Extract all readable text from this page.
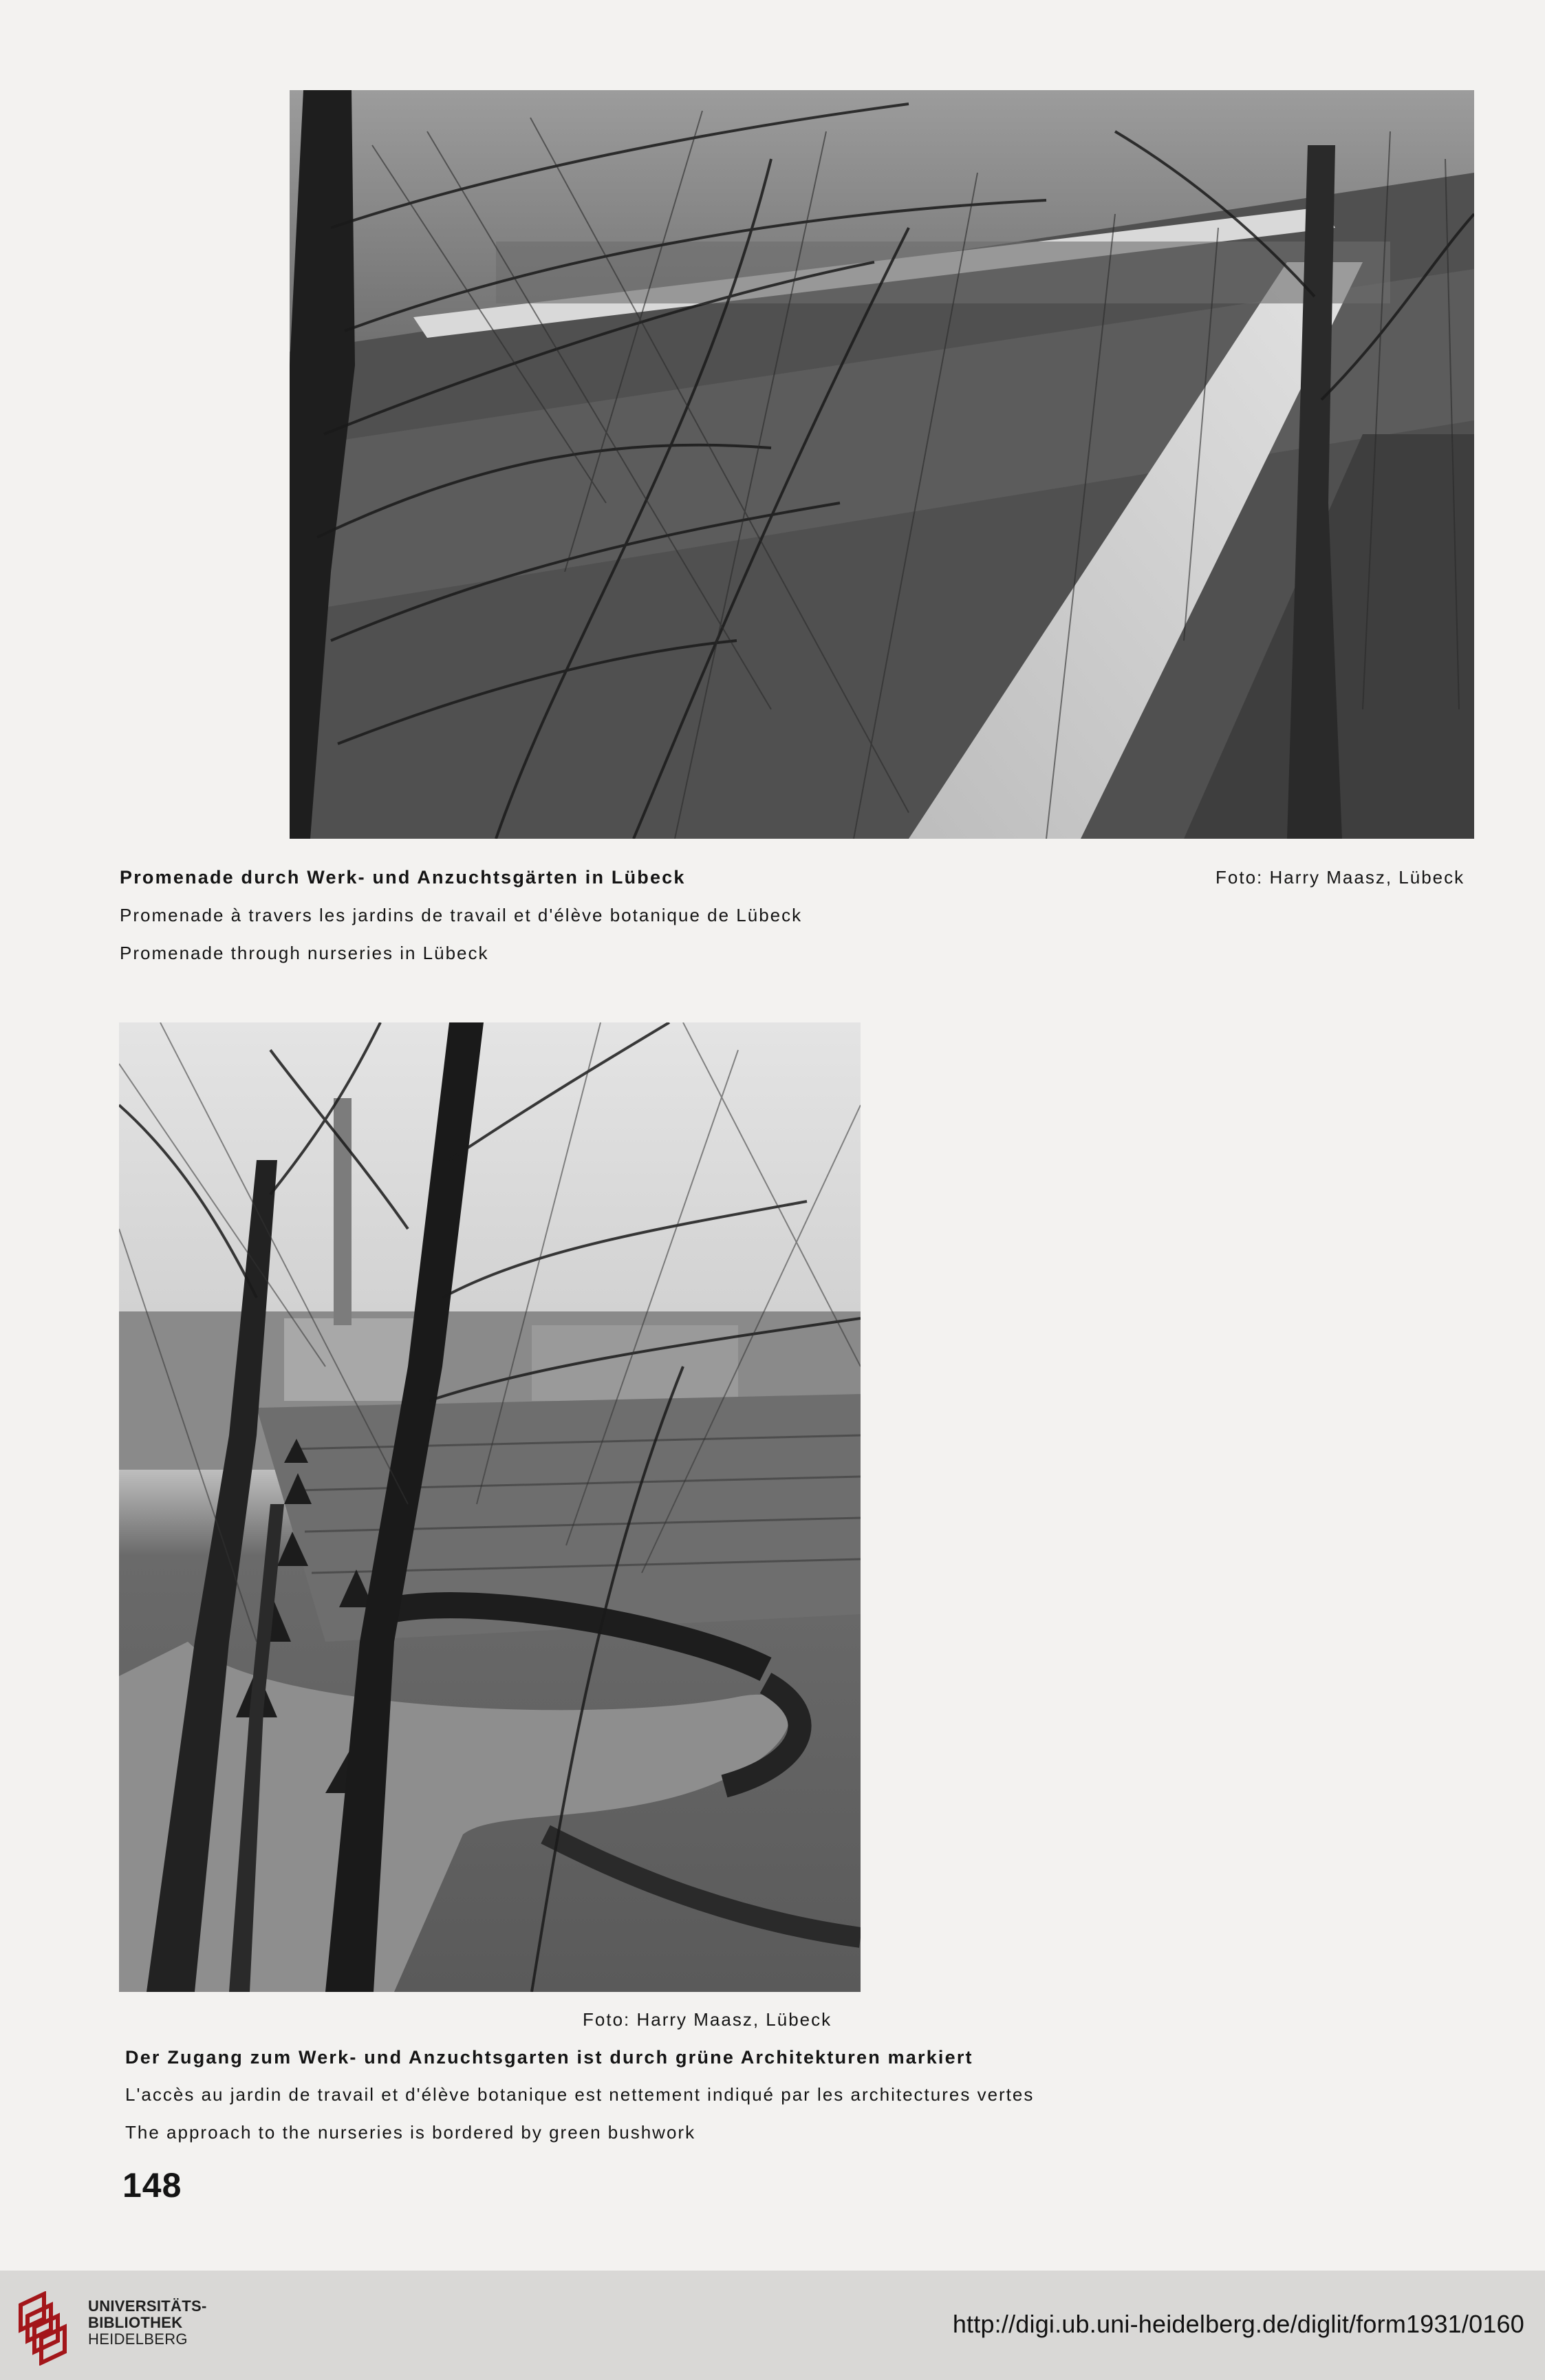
Promenade durch Werk- und Anzuchtsgärten in Lübeck	Foto: Harry Maasz, Lübeck
Promenade à travers les jardins de travail et d'élève botanique de Lübeck
Promenade through nurseries in Lübeck
Foto: Harry Maasz, Lübeck
Der Zugang zum Werk- und Anzuchtsgarten ist durch grüne Architekturen markiert
L'accès au jardin de travail et d'élève botanique est nettement indiqué par les architectures vertes
The approach to the nurseries is bordered by green bushwork
148
UNIVERSITÄTS-
BIBLIOTHEK
HEIDELBERG
http://digi.ub.uni-heidelberg.de/diglit/form1931/0160
